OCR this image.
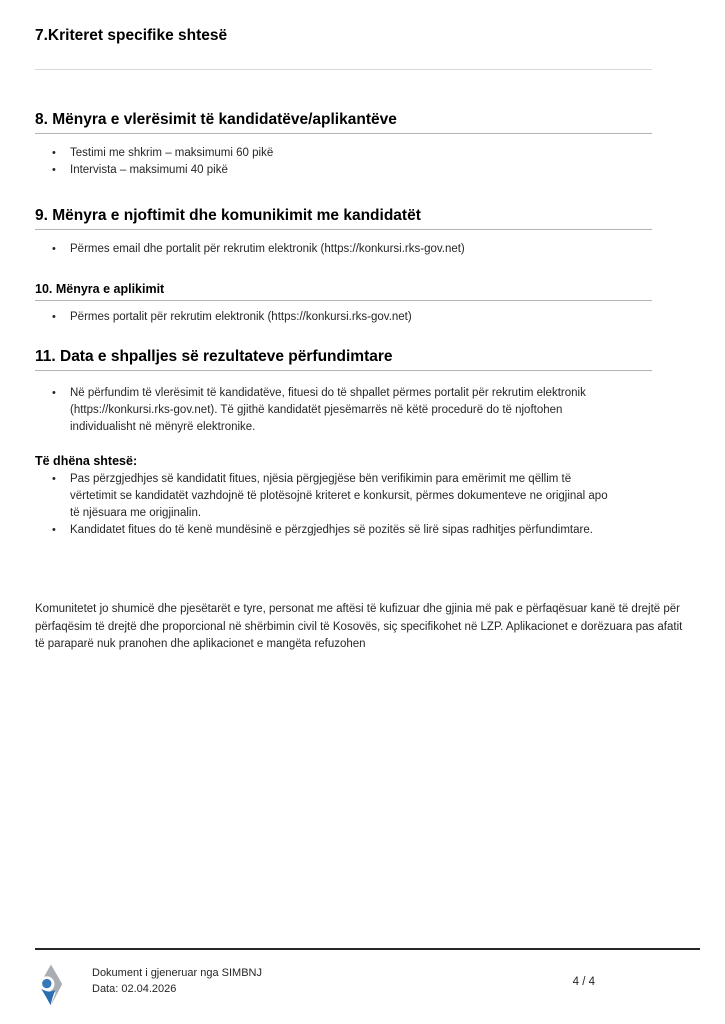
7.Kriteret specifike shtesë
8. Mënyra e vlerësimit të kandidatëve/aplikantëve
• Testimi me shkrim – maksimumi 60 pikë
• Intervista – maksimumi 40 pikë
9. Mënyra e njoftimit dhe komunikimit me kandidatët
• Përmes email dhe portalit për rekrutim elektronik (https://konkursi.rks-gov.net)
10. Mënyra e aplikimit
• Përmes portalit për rekrutim elektronik (https://konkursi.rks-gov.net)
11. Data e shpalljes së rezultateve përfundimtare
• Në përfundim të vlerësimit të kandidatëve, fituesi do të shpallet përmes portalit për rekrutim elektronik (https://konkursi.rks-gov.net). Të gjithë kandidatët pjesëmarrës në këtë procedurë do të njoftohen individualisht në mënyrë elektronike.

Të dhëna shtesë:

• Pas përzgjedhjes së kandidatit fitues, njësia përgjegjëse bën verifikimin para emërimit me qëllim të vërtetimit se kandidatët vazhdojnë të plotësojnë kriteret e konkursit, përmes dokumenteve ne origjinal apo të njësuara me origjinalin.
• Kandidatet fitues do të kenë mundësinë e përzgjedhjes së pozitës së lirë sipas radhitjes përfundimtare.

Komunitetet jo shumicë dhe pjesëtarët e tyre, personat me aftësi të kufizuar dhe gjinia më pak e përfaqësuar kanë të drejtë për përfaqësim të drejtë dhe proporcional në shërbimin civil të Kosovës, siç specifikohet në LZP. Aplikacionet e dorëzuara pas afatit të paraparë nuk pranohen dhe aplikacionet e mangëta refuzohen

Dokument i gjeneruar nga SIMBNJ
Data: 02.04.2026
4 / 4
